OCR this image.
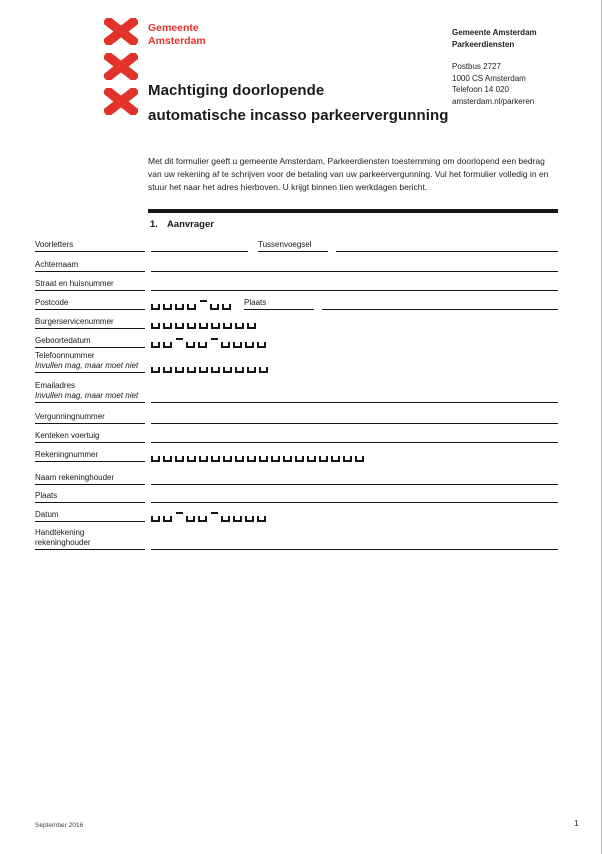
Gemeente
Amsterdam
Machtiging doorlopende
automatische incasso parkeervergunning
Gemeente Amsterdam
Parkeerdiensten
Postbus 2727
1000 CS Amsterdam
Telefoon 14 020
amsterdam.nl/parkeren

Met dit formulier geeft u gemeente Amsterdam, Parkeerdiensten toestemming om doorlopend een bedrag van uw rekening af te schrijven voor de betaling van uw parkeervergunning. Vul het formulier volledig in en stuur het naar het adres hierboven. U krijgt binnen tien werkdagen bericht.

1. Aanvrager
Voorletters	Tussenvoegsel
Achternaam
Straat en huisnummer
Postcode	Plaats
Burgerservicenummer
Geboortedatum
Telefoonnummer
Invullen mag, maar moet niet
Emailadres
Invullen mag, maar moet niet
Vergunningnummer
Kenteken voertuig
Rekeningnummer
Naam rekeninghouder
Plaats
Datum
Handtekening
rekeninghouder
September 2016	1
